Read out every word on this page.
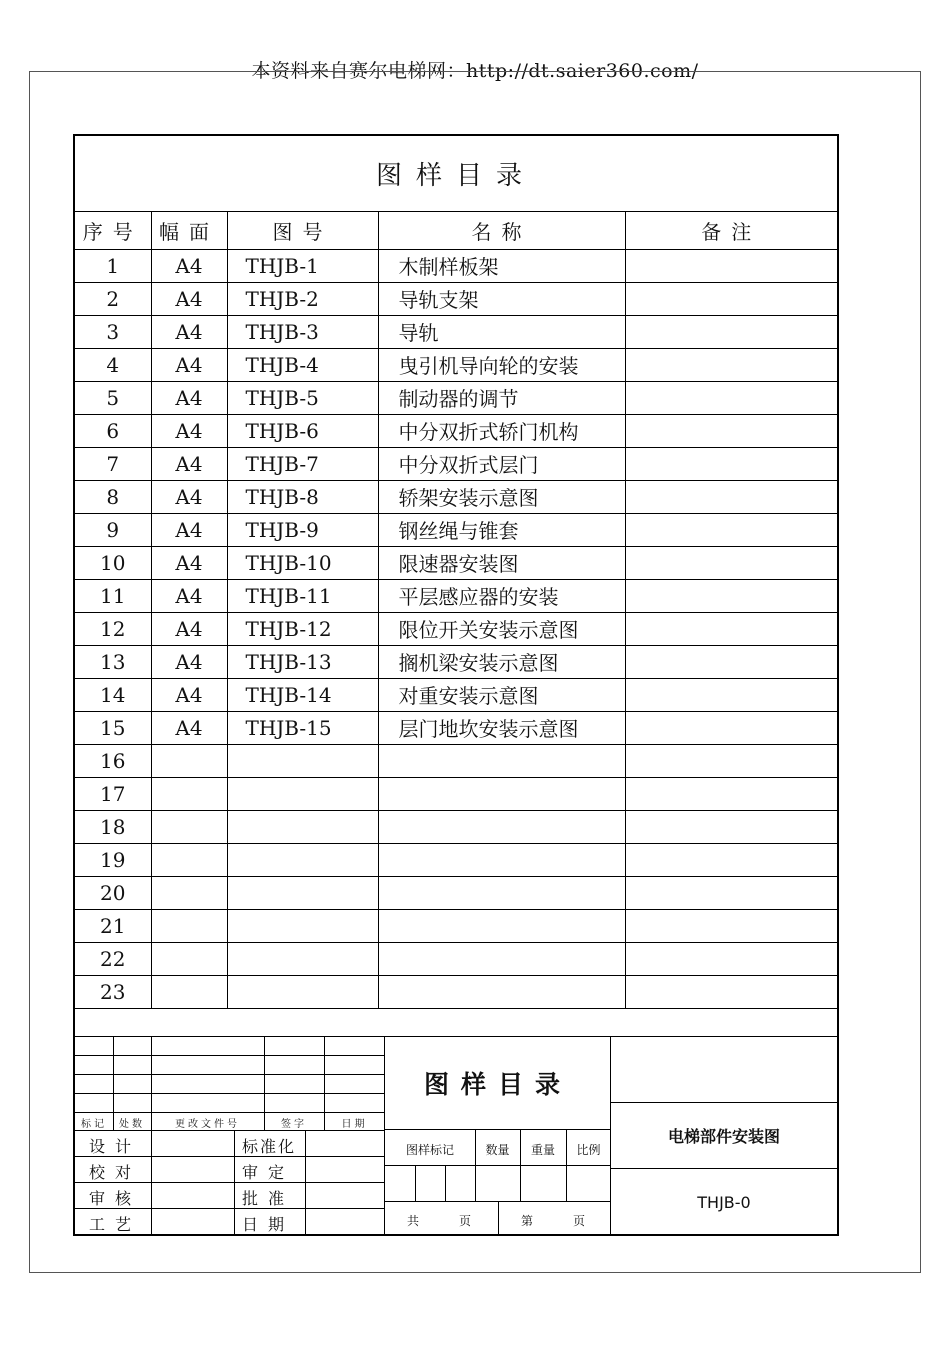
本资料来自赛尔电梯网：http://dt.saier360.com/
图样目录
序号	幅面	图号	名称	备注
1	A4	THJB-1	木制样板架	
2	A4	THJB-2	导轨支架	
3	A4	THJB-3	导轨	
4	A4	THJB-4	曳引机导向轮的安装	
5	A4	THJB-5	制动器的调节	
6	A4	THJB-6	中分双折式轿门机构	
7	A4	THJB-7	中分双折式层门	
8	A4	THJB-8	轿架安装示意图	
9	A4	THJB-9	钢丝绳与锥套	
10	A4	THJB-10	限速器安装图	
11	A4	THJB-11	平层感应器的安装	
12	A4	THJB-12	限位开关安装示意图	
13	A4	THJB-13	搁机梁安装示意图	
14	A4	THJB-14	对重安装示意图	
15	A4	THJB-15	层门地坎安装示意图	
16				
17				
18				
19				
20				
21				
22				
23				
标记	处数	更改文件号	签字	日期
设计	标准化
校对	审定
审核	批准
工艺	日期
图样目录
图样标记	数量	重量	比例
共	页	第	页
电梯部件安装图
THJB-0
